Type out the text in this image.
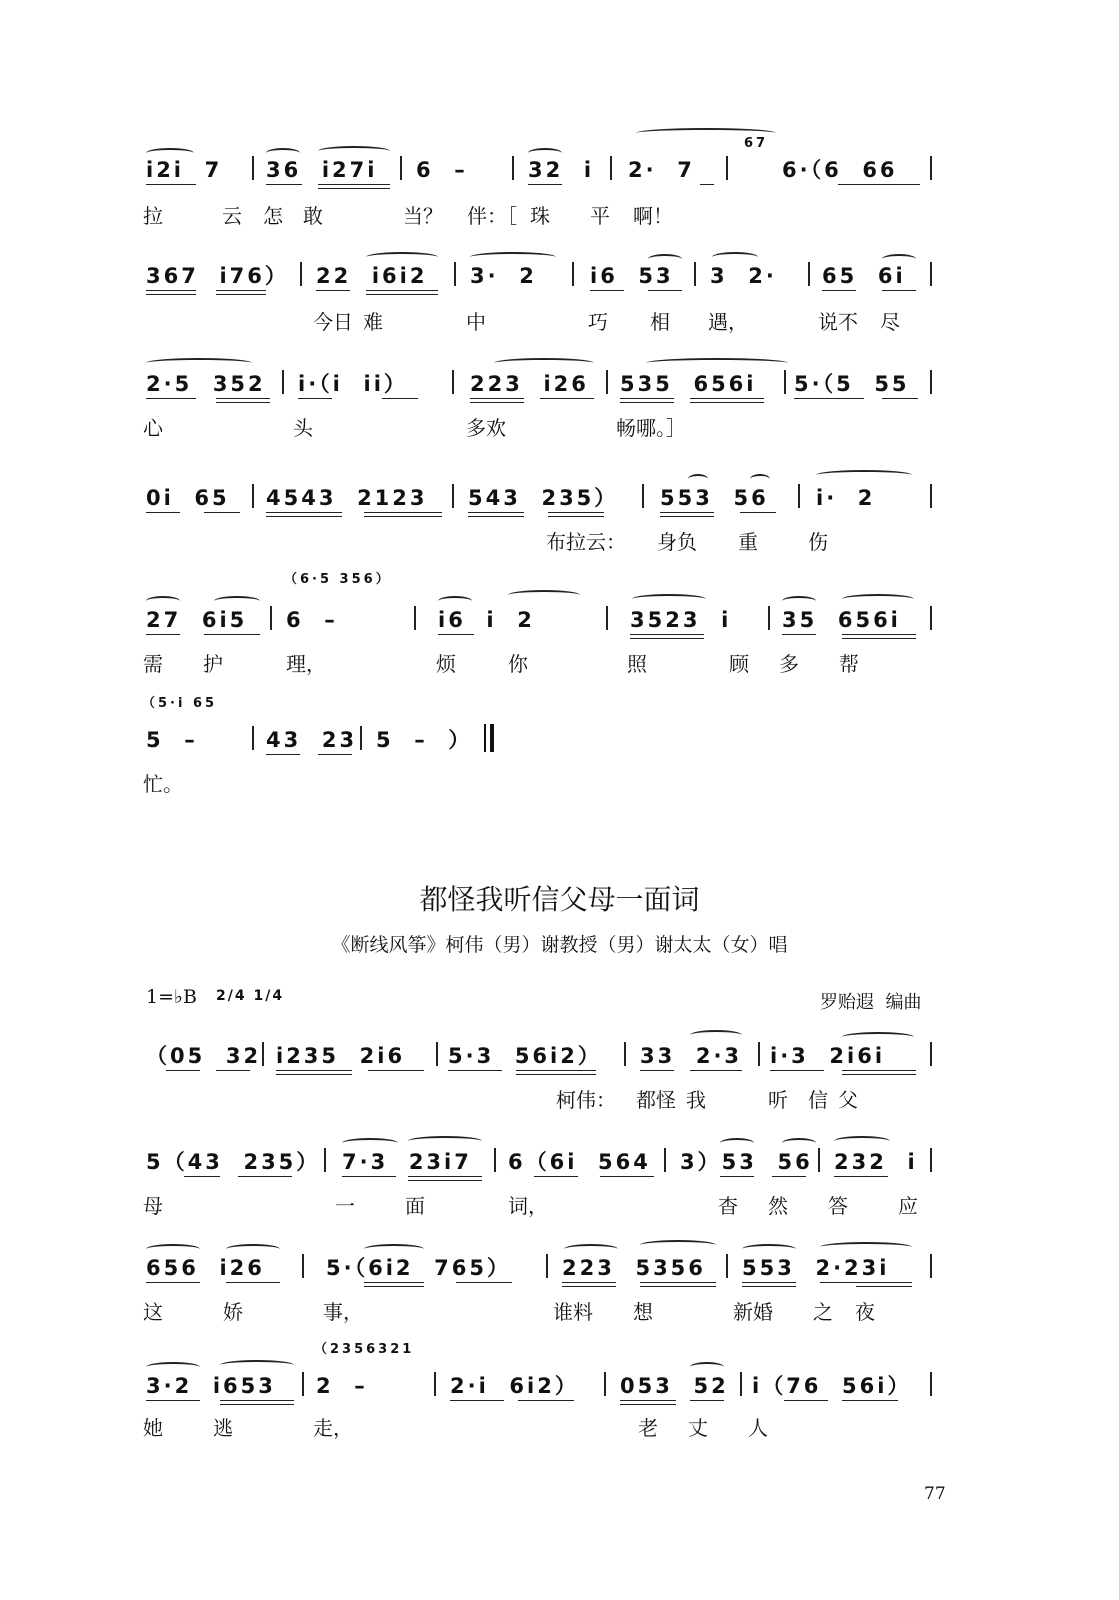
67
i2i  7 36  i27i 6  –	32  i 2·  7	6·（6  66
拉	云 怎 敢	当？ 伴：［ 珠 平 啊！
367  i76） 22  i6i2 3·  2	i6  53 3  2· 65  6i
今日 难	中	巧 相 遇，	说不 尽
2·5  352 i·（i  ii）	223  i26 535  656i 5·（5  55
心	头	多欢	畅哪。］
0i  65 4543  2123 543  235） 553  56 i·  2
布拉云： 身负 重	伤
（6·5 356）
27  6i5 6  –	i6  i  2	3523  i 35  656i
需 护	理，	烦	你	照	顾 多 帮
（5·i 65
5  –	43  23 5  –  ）
忙。
都怪我听信父母一面词
《断线风筝》柯伟（男）谢教授（男）谢太太（女）唱
1=♭B 2/4 1/4	罗贻遐  编曲
（05  32 i235  2i6 5·3  56i2） 33  2·3 i·3  2i6i
柯伟： 都怪 我	听 信 父
5（43  235） 7·3  23i7 6（6i  564 3）53  56 232  i
母	一	面	词，	杳 然 答	应
656  i26	5·（6i2  765） 223  5356 553  2·23i
这	娇	事，	谁料 想	新婚 之 夜
（2356321
3·2  i653 2  –	2·i  6i2） 053  52 i（76  56i）
她	逃	走，	老 丈 人
77
